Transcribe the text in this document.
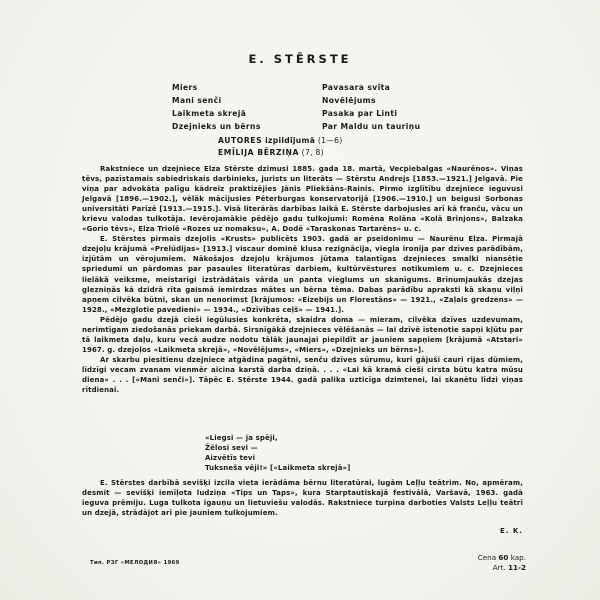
E. STĒRSTE
Miers
Mani senči
Laikmeta skrejā
Dzejnieks un bērns
Pavasara svīta
Novēlējums
Pasaka par Linti
Par Maldu un tauriņu
AUTORES izpildījumā (1—6)
EMĪLIJA BĒRZIŅA (7, 8)

Rakstniece un dzejniece Elza Stērste dzimusi 1885. gada 18. martā, Vecpiebalgas «Naurēnos». Viņas tēvs, pazīstamais sabiedriskais darbinieks, jurists un literāts — Stērstu Andrejs [1853.—1921.] Jelgavā. Pie viņa par advokāta palīgu kādreiz praktizējies Jānis Pliekšāns-Rainis. Pirmo izglītību dzejniece ieguvusi Jelgavā [1896.—1902.], vēlāk mācījusies Pēterburgas konservatorijā [1906.—1910.] un beigusi Sorbonas universitāti Parīzē [1913.—1915.]. Visā literārās darbības laikā E. Stērste darbojusies arī kā franču, vācu un krievu valodas tulkotāja. Ievērojamākie pēdējo gadu tulkojumi: Romēna Rolāna «Kolā Brinjons», Balzaka «Gorio tēvs», Elza Triolē «Rozes uz nomaksu», A. Dodē «Taraskonas Tartarēns» u. c.

E. Stērstes pirmais dzejolis «Krusts» publicēts 1903. gadā ar pseidonimu — Naurēnu Elza. Pirmajā dzejoļu krājumā «Prelūdijas» [1913.] viscaur dominē klusa rezignācija, viegla ironija par dzīves parādībām, izjūtām un vērojumiem. Nākošajos dzejoļu krājumos jūtama talantīgas dzejnieces smalki niansētie spriedumi un pārdomas par pasaules literatūras darbiem, kultūrvēstures notikumiem u. c. Dzejnieces lielākā veiksme, meistarīgi izstrādātais vārda un panta vieglums un skanīgums. Brīnumjaukās dzejas glezniņās kā dzidrā rīta gaismā iemirdzas mātes un bērna tēma. Dabas parādību apraksti kā skaņu viļņi apņem cilvēka būtni, skan un nenorimst [krājumos: «Eizebijs un Florestāns» — 1921., «Zaļais gredzens» — 1928., «Mezglotie pavedieni» — 1934., «Dzīvības ceļš» — 1941.].

Pēdējo gadu dzejā cieši iegūlusies konkrēta, skaidra doma — mieram, cilvēka dzīves uzdevumam, nerimtīgam ziedošanās priekam darbā. Sirsnīgākā dzejnieces vēlēšanās — lai dzīvē īstenotie sapņi kļūtu par tā laikmeta daļu, kuru vecā audze nodotu tālāk jaunajai piepildīt ar jauniem sapņiem [krājumā «Atstari» 1967. g. dzejoļos «Laikmeta skrejā», «Novēlējums», «Miers», «Dzejnieks un bērns»].

Ar skarbu piesitienu dzejniece atgādina pagātni, senču dzīves sūrumu, kuri gājuši cauri rijas dūmiem, līdzīgi vecam zvanam vienmēr aicina karstā darba dziņā. . . . «Lai kā kramā cieši cirsta būtu katra mūsu diena» . . . [«Mani senči»]. Tāpēc E. Stērste 1944. gadā palika uzticīga dzimtenei, lai skanētu līdzi viņas rītdienai.

«Liegsi — ja spēji,
Žēlosi sevi —
Aizvētīs tevi
Tuksneša vēji!» [«Laikmeta skrejā»]

E. Stērstes darbībā sevišķi izcila vieta ierādāma bērnu literatūrai, lugām Leļļu teātrim. No, apmēram, desmit — sevišķi iemīļota ludziņa «Tips un Taps», kura Starptautiskajā festivālā, Varšavā, 1963. gadā ieguva prēmiju. Luga tulkota igauņu un lietuviešu valodās. Rakstniece turpina darboties Valsts Leļļu teātrī un dzejā, strādājot arī pie jauniem tulkojumiem.

E. K.
Тип. РЗГ «МЕЛОДИЯ» 1969
Cena 60 kap.
Art. 11-2
